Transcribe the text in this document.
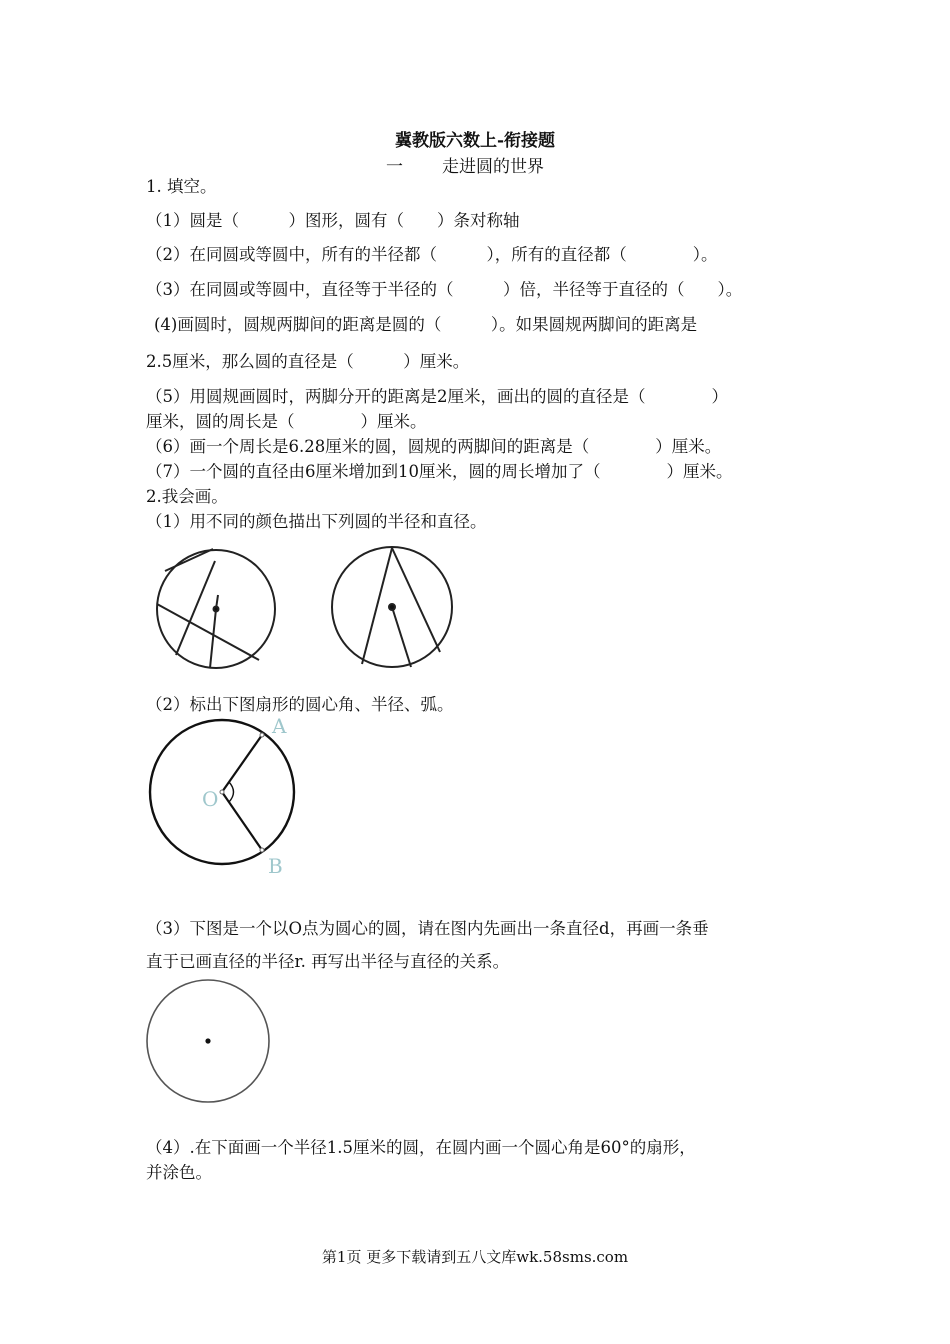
冀教版六数上-衔接题
一 走进圆的世界
1. 填空。
（1）圆是（　　　）图形，圆有（　　）条对称轴
（2）在同圆或等圆中，所有的半径都（　　　），所有的直径都（　　　　）。
（3）在同圆或等圆中，直径等于半径的（　　　）倍，半径等于直径的（　　）。
(4)画圆时，圆规两脚间的距离是圆的（　　　）。如果圆规两脚间的距离是
2.5厘米，那么圆的直径是（　　　）厘米。
（5）用圆规画圆时，两脚分开的距离是2厘米，画出的圆的直径是（　　　　）
厘米，圆的周长是（　　　　）厘米。
（6）画一个周长是6.28厘米的圆，圆规的两脚间的距离是（　　　　）厘米。
（7）一个圆的直径由6厘米增加到10厘米，圆的周长增加了（　　　　）厘米。
2.我会画。
（1）用不同的颜色描出下列圆的半径和直径。
（2）标出下图扇形的圆心角、半径、弧。
A
O
B
（3）下图是一个以O点为圆心的圆，请在图内先画出一条直径d，再画一条垂
直于已画直径的半径r. 再写出半径与直径的关系。
（4）.在下面画一个半径1.5厘米的圆，在圆内画一个圆心角是60°的扇形，
并涂色。
第1页 更多下载请到五八文库wk.58sms.com
